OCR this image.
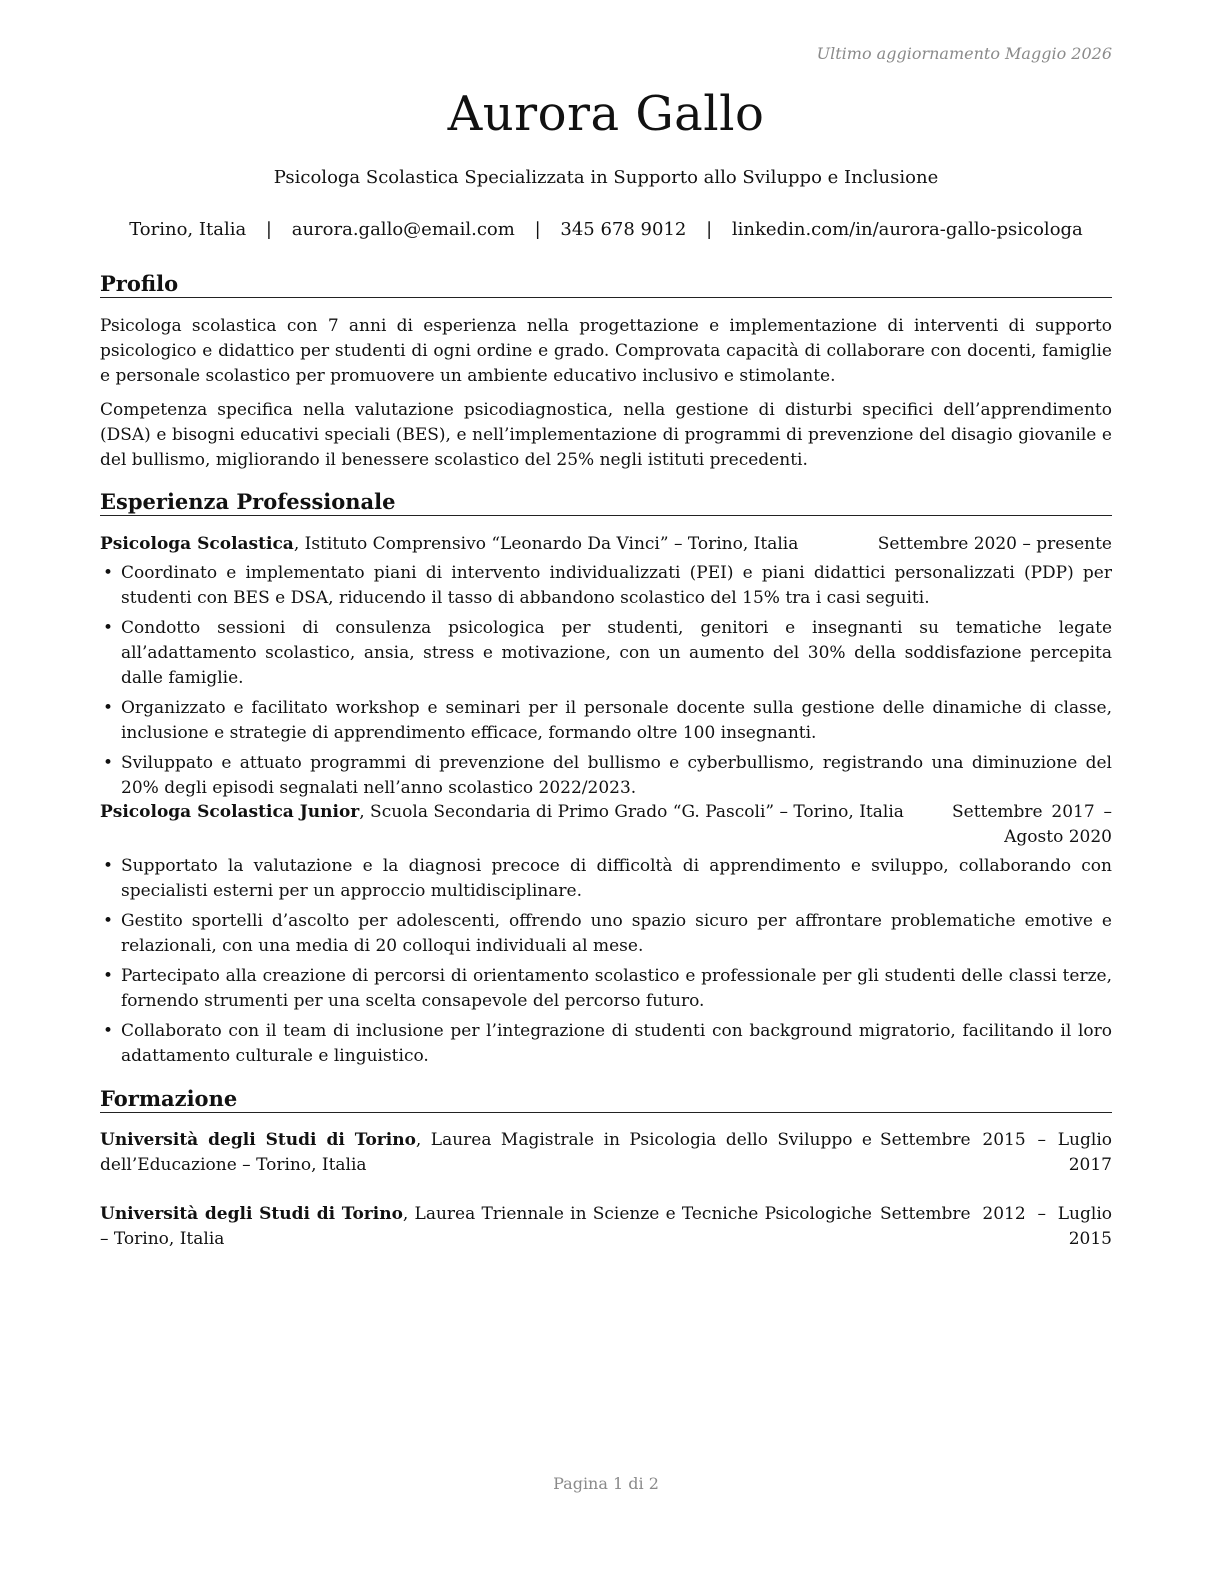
Ultimo aggiornamento Maggio 2026
Aurora Gallo
Psicologa Scolastica Specializzata in Supporto allo Sviluppo e Inclusione
Torino, Italia | aurora.gallo@email.com | 345 678 9012 | linkedin.com/in/aurora-gallo-psicologa
Profilo

Psicologa scolastica con 7 anni di esperienza nella progettazione e implementazione di interventi di supporto psicologico e didattico per studenti di ogni ordine e grado. Comprovata capacità di collaborare con docenti, famiglie e personale scolastico per promuovere un ambiente educativo inclusivo e stimolante.

Competenza specifica nella valutazione psicodiagnostica, nella gestione di disturbi specifici dell’apprendimento (DSA) e bisogni educativi speciali (BES), e nell’implementazione di programmi di prevenzione del disagio giovanile e del bullismo, migliorando il benessere scolastico del 25% negli istituti precedenti.

Esperienza Professionale
Psicologa Scolastica, Istituto Comprensivo “Leonardo Da Vinci” – Torino, Italia	Settembre 2020 – presente
• Coordinato e implementato piani di intervento individualizzati (PEI) e piani didattici personalizzati (PDP) per studenti con BES e DSA, riducendo il tasso di abbandono scolastico del 15% tra i casi seguiti.
• Condotto sessioni di consulenza psicologica per studenti, genitori e insegnanti su tematiche legate all’adattamento scolastico, ansia, stress e motivazione, con un aumento del 30% della soddisfazione percepita dalle famiglie.
• Organizzato e facilitato workshop e seminari per il personale docente sulla gestione delle dinamiche di classe, inclusione e strategie di apprendimento efficace, formando oltre 100 insegnanti.
• Sviluppato e attuato programmi di prevenzione del bullismo e cyberbullismo, registrando una diminuzione del 20% degli episodi segnalati nell’anno scolastico 2022/2023.
Psicologa Scolastica Junior, Scuola Secondaria di Primo Grado “G. Pascoli” – Torino, Italia	Settembre 2017 – Agosto 2020
• Supportato la valutazione e la diagnosi precoce di difficoltà di apprendimento e sviluppo, collaborando con specialisti esterni per un approccio multidisciplinare.
• Gestito sportelli d’ascolto per adolescenti, offrendo uno spazio sicuro per affrontare problematiche emotive e relazionali, con una media di 20 colloqui individuali al mese.
• Partecipato alla creazione di percorsi di orientamento scolastico e professionale per gli studenti delle classi terze, fornendo strumenti per una scelta consapevole del percorso futuro.
• Collaborato con il team di inclusione per l’integrazione di studenti con background migratorio, facilitando il loro adattamento culturale e linguistico.
Formazione
Università degli Studi di Torino, Laurea Magistrale in Psicologia dello Sviluppo e dell’Educazione – Torino, Italia
Settembre 2015 – Luglio 2017
Università degli Studi di Torino, Laurea Triennale in Scienze e Tecniche Psicologiche – Torino, Italia
Settembre 2012 – Luglio 2015
Pagina 1 di 2
